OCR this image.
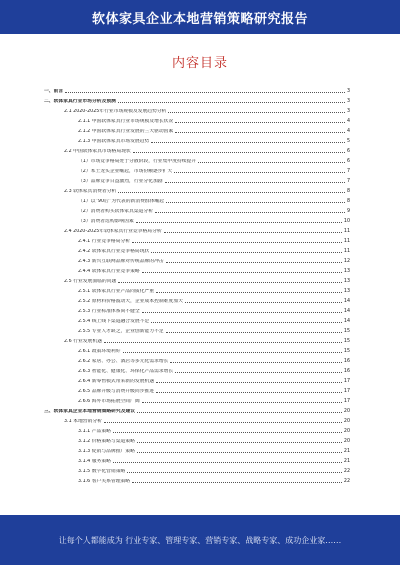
软体家具企业本地营销策略研究报告
内容目录
一、前言	3
二、软体家具行业市场分析及预测	3
2.1 2020-2025年行业市场规模及发展趋势分析	3
2.1.1 中国软体家具行业市场规模及增长状况	4
2.1.2 中国软体家具行业发展的三大驱动因素	4
2.1.3 中国软体家具市场发展趋势	5
2.2 中国软体家具市场格局现状	6
（1）市场竞争格局处于分散阶段，行业集中度持续提升	6
（2）本土龙头企业崛起，市场份额逐步扩大	7
（3）品牌竞争日益激烈，行业分化加剧	7
2.3 软体家具消费者分析	8
（1）以“90后”为代表的新消费群体崛起	8
（2）消费者购买软体家具渠道分析	9
（3）消费者选购影响因素	10
2.4 2020-2025年软体家具行业竞争格局分析	11
2.4.1 行业竞争格局分析	11
2.4.2 软体家具行业竞争格局现状	11
2.4.3 新兴互联网品牌对传统品牌的冲击	12
2.4.4 软体家具行业竞争策略	13
2.5 行业发展面临的问题	13
2.5.1 软体家具行业产品同质化严重	13
2.5.2 原材料价格波动大，企业成本控制难度加大	14
2.5.3 行业标准体系尚不健全	14
2.5.4 线上线下渠道融合发展不足	14
2.5.5 专业人才缺乏，企业创新能力不足	15
2.6 行业发展机遇	15
2.6.1 政策环境利好	15
2.6.2 家居、办公、酒店等多元化需求增长	16
2.6.3 智能化、健康化、环保化产品需求增长	16
2.6.4 新零售模式带来新的发展机遇	17
2.6.5 品牌升级与消费升级同步推进	17
2.6.6 海外市场拓展空间广阔	17
三、软体家具企业本地营销策略研究及建议	20
3.1 本地营销分析	20
3.1.1 产品策略	20
3.1.2 价格策略与渠道策略	20
3.1.3 促销与品牌推广策略	21
3.1.4 服务策略	21
3.1.5 数字化营销策略	22
3.1.6 客户关系管理策略	22
让每个人都能成为 行业专家、管理专家、营销专家、战略专家、成功企业家……
